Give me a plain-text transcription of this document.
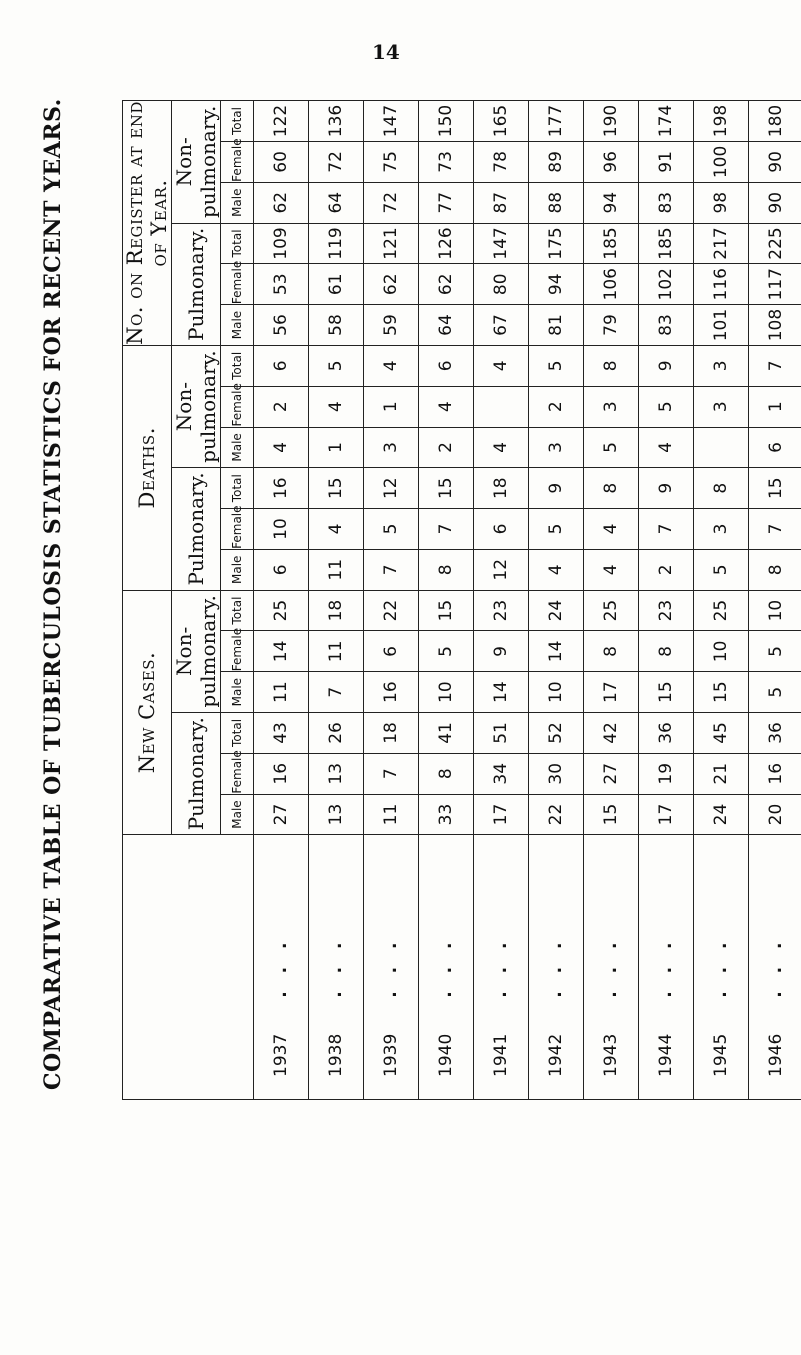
14
COMPARATIVE TABLE OF TUBERCULOSIS STATISTICS FOR RECENT YEARS.
		New Cases.						Deaths.						No. on Register at end of Year.					
	Pulmonary.			Non-pulmonary.			Pulmonary.			Non-pulmonary.			Pulmonary.			Non-pulmonary.		
	Male	Female	Total	Male	Female	Total	Male	Female	Total	Male	Female	Total	Male	Female	Total	Male	Female	Total
1937. . .	27	16	43	11	14	25	6	10	16	4	2	6	56	53	109	62	60	122
1938. . .	13	13	26	7	11	18	11	4	15	1	4	5	58	61	119	64	72	136
1939. . .	11	7	18	16	6	22	7	5	12	3	1	4	59	62	121	72	75	147
1940. . .	33	8	41	10	5	15	8	7	15	2	4	6	64	62	126	77	73	150
1941. . .	17	34	51	14	9	23	12	6	18	4		4	67	80	147	87	78	165
1942. . .	22	30	52	10	14	24	4	5	9	3	2	5	81	94	175	88	89	177
1943. . .	15	27	42	17	8	25	4	4	8	5	3	8	79	106	185	94	96	190
1944. . .	17	19	36	15	8	23	2	7	9	4	5	9	83	102	185	83	91	174
1945. . .	24	21	45	15	10	25	5	3	8		3	3	101	116	217	98	100	198
1946. . .	20	16	36	5	5	10	8	7	15	6	1	7	108	117	225	90	90	180
